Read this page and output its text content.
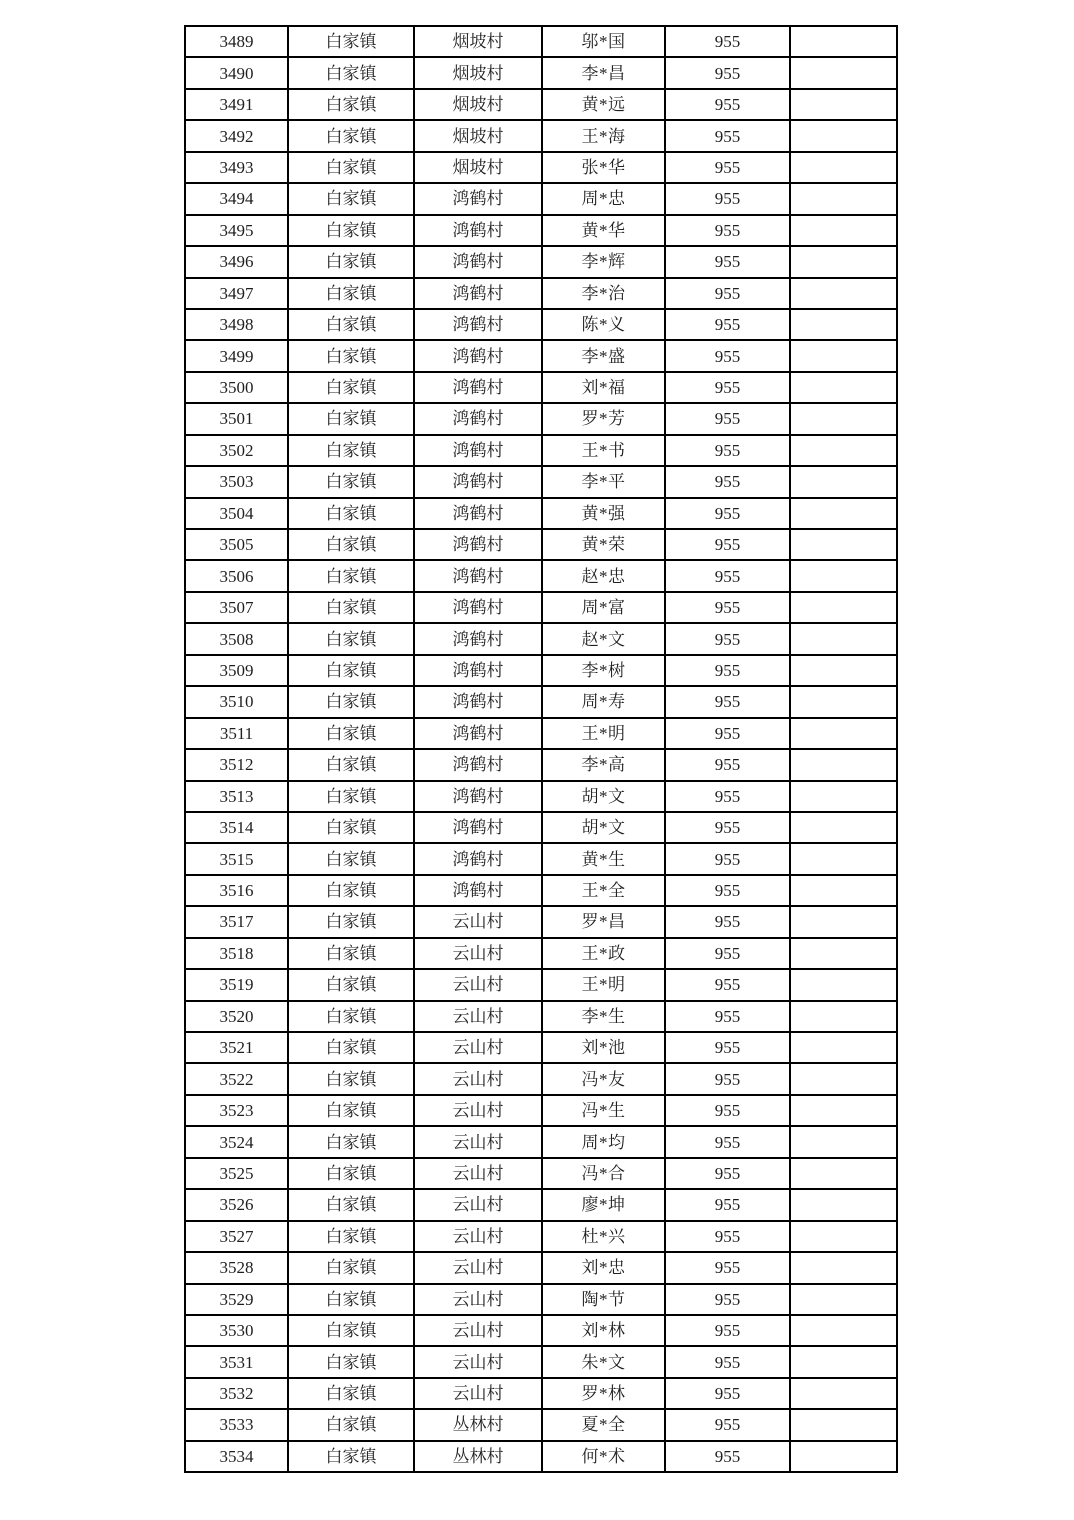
3489	白家镇	烟坡村	邬*国	955	
3490	白家镇	烟坡村	李*昌	955	
3491	白家镇	烟坡村	黄*远	955	
3492	白家镇	烟坡村	王*海	955	
3493	白家镇	烟坡村	张*华	955	
3494	白家镇	鸿鹤村	周*忠	955	
3495	白家镇	鸿鹤村	黄*华	955	
3496	白家镇	鸿鹤村	李*辉	955	
3497	白家镇	鸿鹤村	李*治	955	
3498	白家镇	鸿鹤村	陈*义	955	
3499	白家镇	鸿鹤村	李*盛	955	
3500	白家镇	鸿鹤村	刘*福	955	
3501	白家镇	鸿鹤村	罗*芳	955	
3502	白家镇	鸿鹤村	王*书	955	
3503	白家镇	鸿鹤村	李*平	955	
3504	白家镇	鸿鹤村	黄*强	955	
3505	白家镇	鸿鹤村	黄*荣	955	
3506	白家镇	鸿鹤村	赵*忠	955	
3507	白家镇	鸿鹤村	周*富	955	
3508	白家镇	鸿鹤村	赵*文	955	
3509	白家镇	鸿鹤村	李*树	955	
3510	白家镇	鸿鹤村	周*寿	955	
3511	白家镇	鸿鹤村	王*明	955	
3512	白家镇	鸿鹤村	李*高	955	
3513	白家镇	鸿鹤村	胡*文	955	
3514	白家镇	鸿鹤村	胡*文	955	
3515	白家镇	鸿鹤村	黄*生	955	
3516	白家镇	鸿鹤村	王*全	955	
3517	白家镇	云山村	罗*昌	955	
3518	白家镇	云山村	王*政	955	
3519	白家镇	云山村	王*明	955	
3520	白家镇	云山村	李*生	955	
3521	白家镇	云山村	刘*池	955	
3522	白家镇	云山村	冯*友	955	
3523	白家镇	云山村	冯*生	955	
3524	白家镇	云山村	周*均	955	
3525	白家镇	云山村	冯*合	955	
3526	白家镇	云山村	廖*坤	955	
3527	白家镇	云山村	杜*兴	955	
3528	白家镇	云山村	刘*忠	955	
3529	白家镇	云山村	陶*节	955	
3530	白家镇	云山村	刘*林	955	
3531	白家镇	云山村	朱*文	955	
3532	白家镇	云山村	罗*林	955	
3533	白家镇	丛林村	夏*全	955	
3534	白家镇	丛林村	何*术	955	
